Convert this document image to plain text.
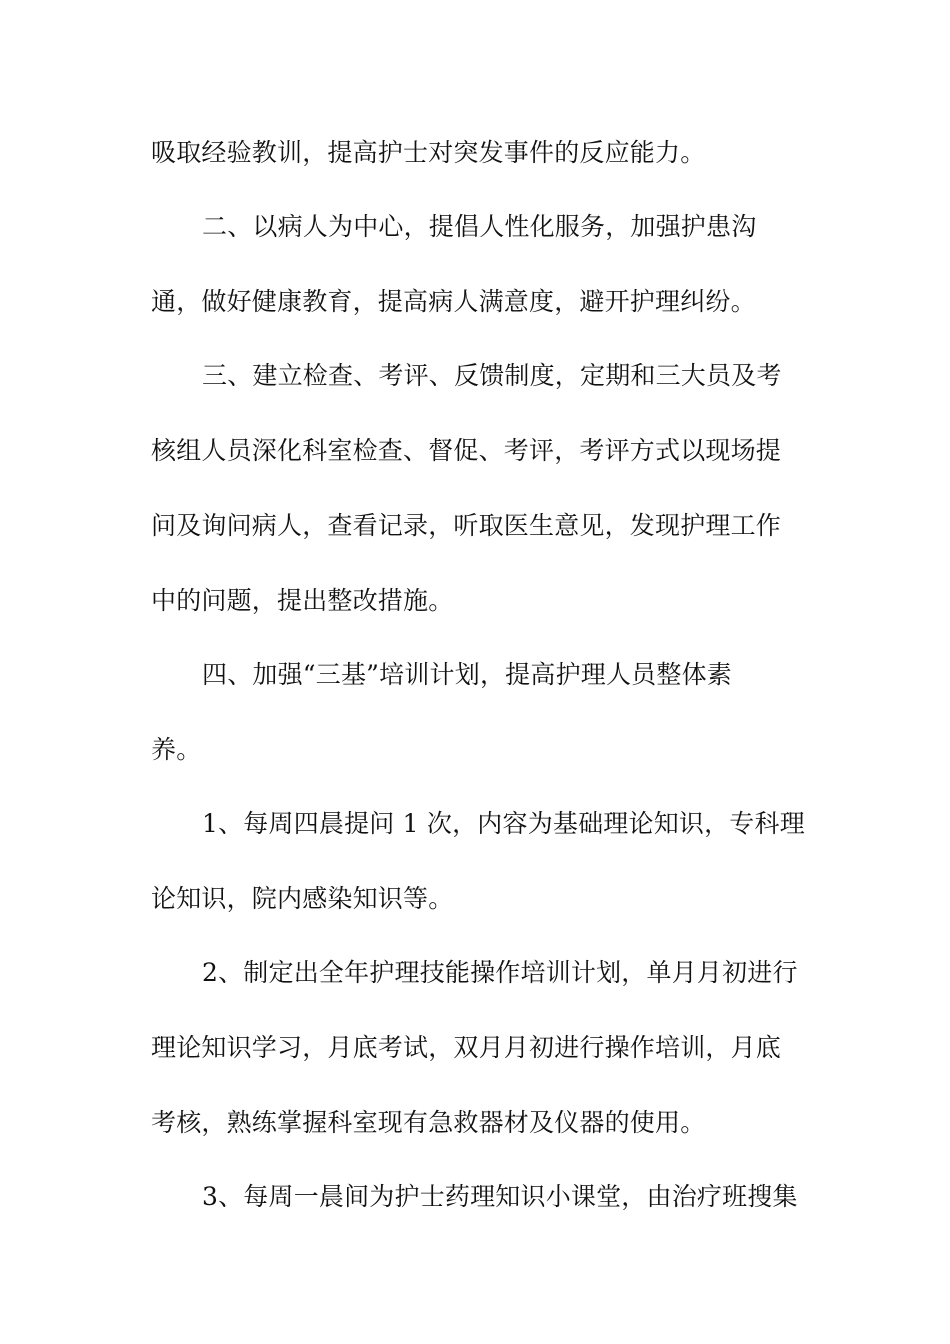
吸取经验教训，提高护士对突发事件的反应能力。
二、以病人为中心，提倡人性化服务，加强护患沟
通，做好健康教育，提高病人满意度，避开护理纠纷。
三、建立检查、考评、反馈制度，定期和三大员及考
核组人员深化科室检查、督促、考评，考评方式以现场提
问及询问病人，查看记录，听取医生意见，发现护理工作
中的问题，提出整改措施。
四、加强“三基”培训计划，提高护理人员整体素
养。
1、每周四晨提问 1 次，内容为基础理论知识，专科理
论知识，院内感染知识等。
2、制定出全年护理技能操作培训计划，单月月初进行
理论知识学习，月底考试，双月月初进行操作培训，月底
考核，熟练掌握科室现有急救器材及仪器的使用。
3、每周一晨间为护士药理知识小课堂，由治疗班搜集
